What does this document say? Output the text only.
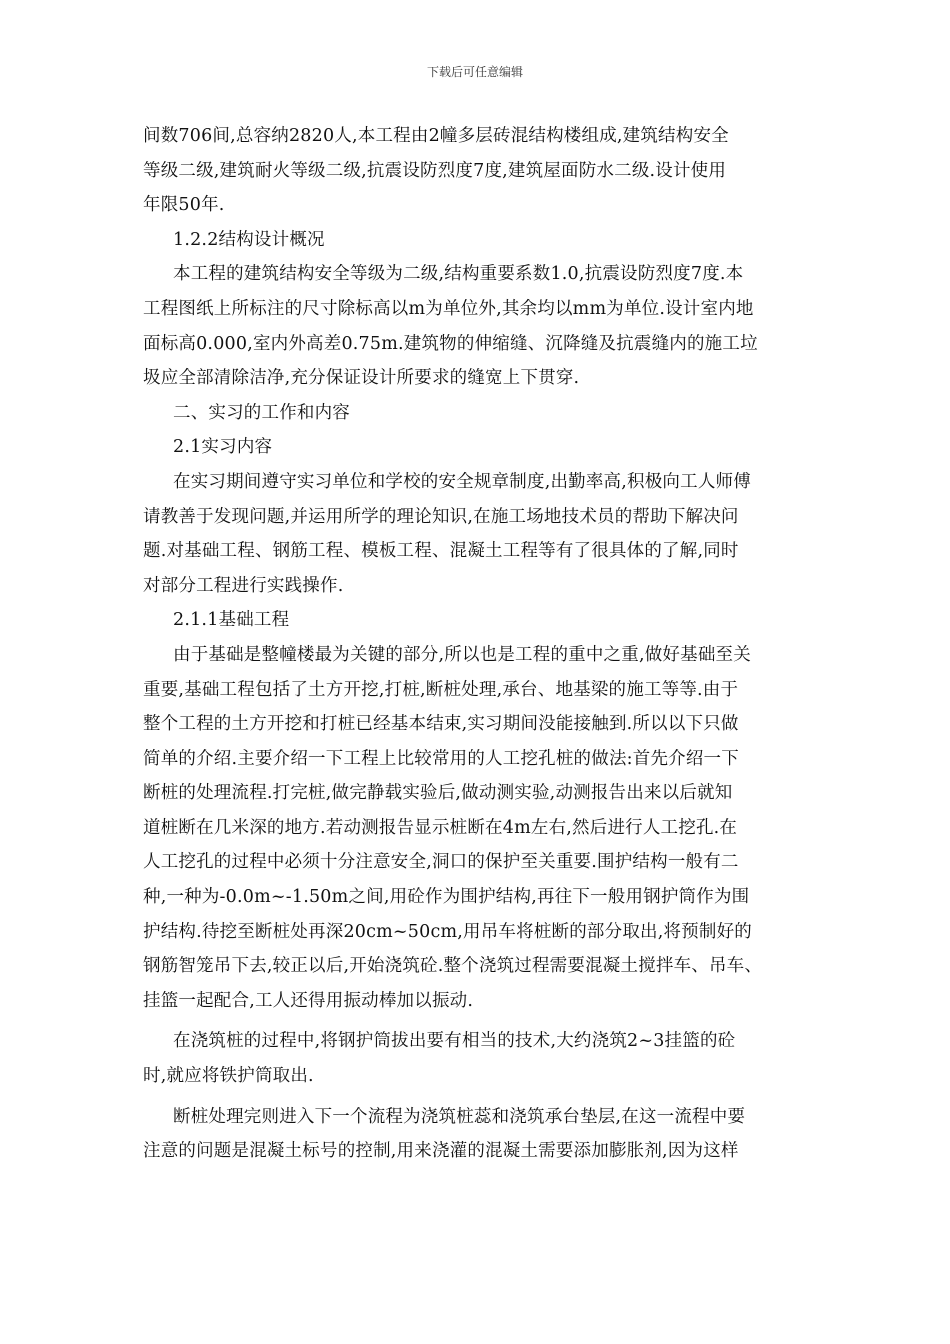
下载后可任意编辑
间数706间,总容纳2820人,本工程由2幢多层砖混结构楼组成,建筑结构安全
等级二级,建筑耐火等级二级,抗震设防烈度7度,建筑屋面防水二级.设计使用
年限50年.
1.2.2结构设计概况
本工程的建筑结构安全等级为二级,结构重要系数1.0,抗震设防烈度7度.本
工程图纸上所标注的尺寸除标高以m为单位外,其余均以mm为单位.设计室内地
面标高0.000,室内外高差0.75m.建筑物的伸缩缝、沉降缝及抗震缝内的施工垃
圾应全部清除洁净,充分保证设计所要求的缝宽上下贯穿.
二、实习的工作和内容
2.1实习内容
在实习期间遵守实习单位和学校的安全规章制度,出勤率高,积极向工人师傅
请教善于发现问题,并运用所学的理论知识,在施工场地技术员的帮助下解决问
题.对基础工程、钢筋工程、模板工程、混凝土工程等有了很具体的了解,同时
对部分工程进行实践操作.
2.1.1基础工程
由于基础是整幢楼最为关键的部分,所以也是工程的重中之重,做好基础至关
重要,基础工程包括了土方开挖,打桩,断桩处理,承台、地基梁的施工等等.由于
整个工程的土方开挖和打桩已经基本结束,实习期间没能接触到.所以以下只做
简单的介绍.主要介绍一下工程上比较常用的人工挖孔桩的做法:首先介绍一下
断桩的处理流程.打完桩,做完静载实验后,做动测实验,动测报告出来以后就知
道桩断在几米深的地方.若动测报告显示桩断在4m左右,然后进行人工挖孔.在
人工挖孔的过程中必须十分注意安全,洞口的保护至关重要.围护结构一般有二
种,一种为-0.0m~-1.50m之间,用砼作为围护结构,再往下一般用钢护筒作为围
护结构.待挖至断桩处再深20cm~50cm,用吊车将桩断的部分取出,将预制好的
钢筋智笼吊下去,较正以后,开始浇筑砼.整个浇筑过程需要混凝土搅拌车、吊车、
挂篮一起配合,工人还得用振动棒加以振动.
在浇筑桩的过程中,将钢护筒拔出要有相当的技术,大约浇筑2~3挂篮的砼
时,就应将铁护筒取出.
断桩处理完则进入下一个流程为浇筑桩蕊和浇筑承台垫层,在这一流程中要
注意的问题是混凝土标号的控制,用来浇灌的混凝土需要添加膨胀剂,因为这样
